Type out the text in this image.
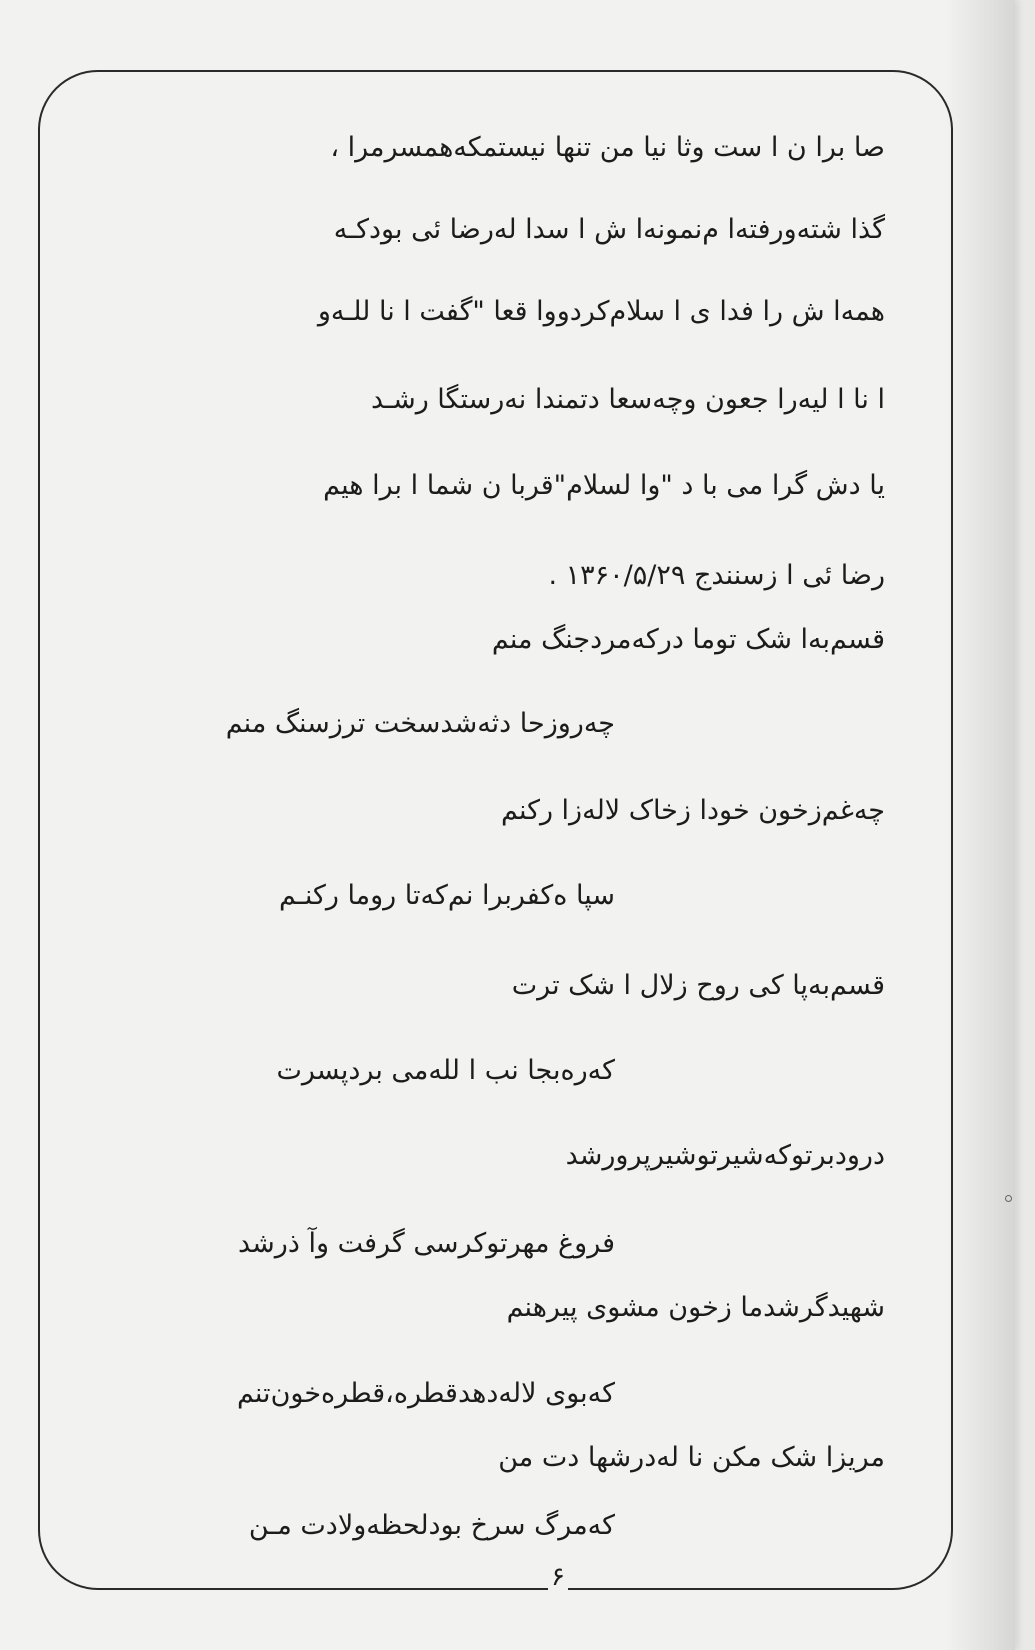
صا برا ن ا ست وثا نیا من تنها نیستمکه‌همسرمرا ،
گذا شته‌ورفته‌ا م‌نمونه‌ا ش ا سدا له‌رضا ئی بودکـه
همه‌ا ش را فدا ی ا سلام‌کردووا قعا "گفت ا نا للـه‌و
ا نا ا لیه‌را جعون وچه‌سعا دتمندا نه‌رستگا رشـد
یا دش گرا می با د "وا لسلام"قربا ن شما ا برا هیم
رضا ئی ا زسنندج ۱۳۶۰/۵/۲۹ .
قسم‌به‌ا شک توما درکه‌مردجنگ منم
چه‌روزحا دثه‌شدسخت ترزسنگ منم
چه‌غم‌زخون خودا زخاک لاله‌زا رکنم
سپا ه‌کفربرا نم‌که‌تا روما رکنـم
قسم‌به‌پا کی روح زلال ا شک ترت
که‌ره‌بجا نب ا لله‌می بردپسرت
درودبرتوکه‌شیرتوشیرپرورشد
فروغ مهرتوکرسی گرفت وآ ذرشد
شهیدگرشدما زخون مشوی پیرهنم
که‌بوی لاله‌دهدقطره‌،قطره‌خون‌تنم
مریزا شک مکن نا له‌درشها دت من
که‌مرگ سرخ بودلحظه‌ولادت مـن
۶
